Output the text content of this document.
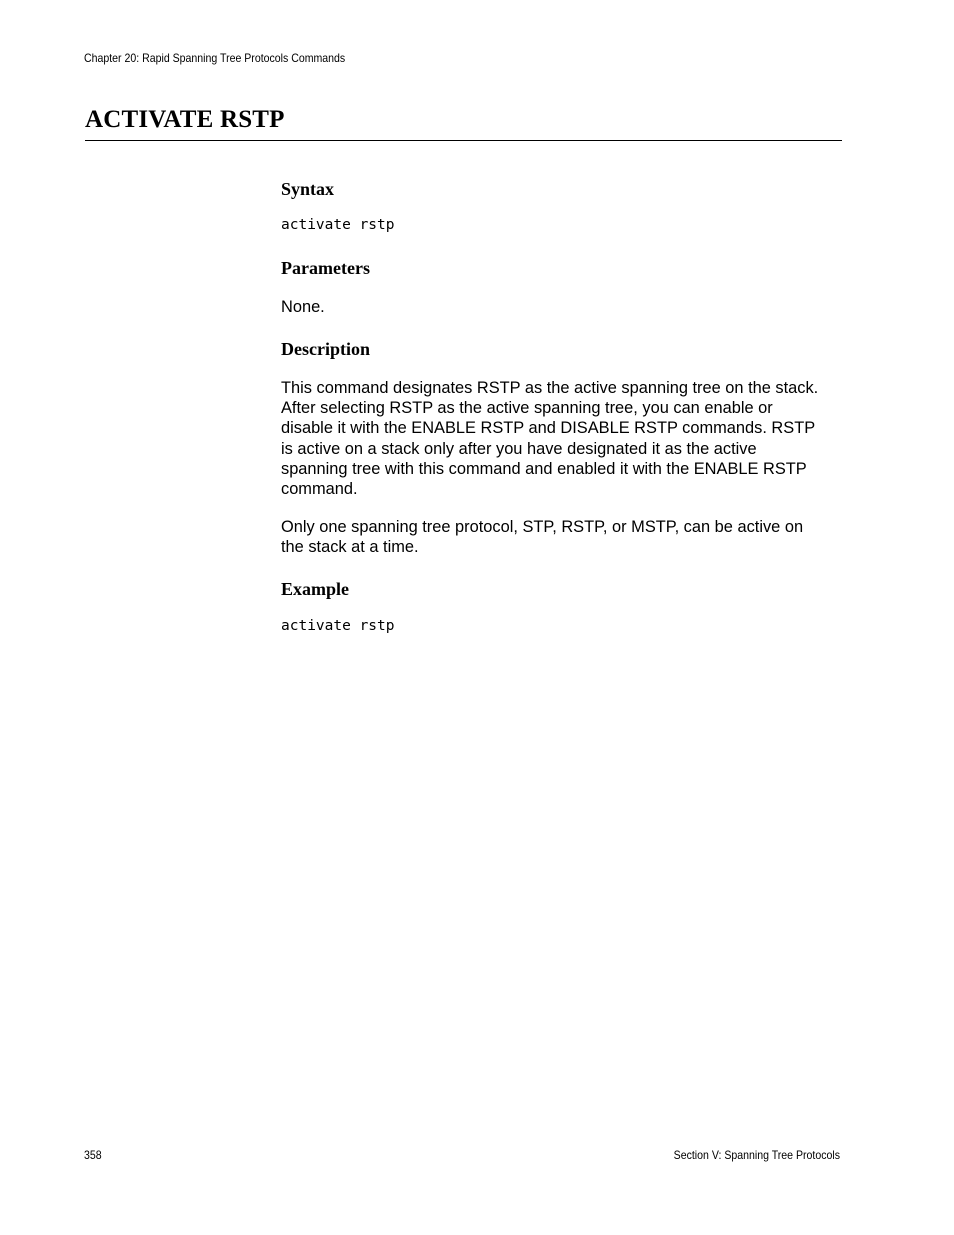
Chapter 20: Rapid Spanning Tree Protocols Commands
ACTIVATE RSTP
Syntax
activate rstp
Parameters
None.
Description
This command designates RSTP as the active spanning tree on the stack.
After selecting RSTP as the active spanning tree, you can enable or
disable it with the ENABLE RSTP and DISABLE RSTP commands. RSTP
is active on a stack only after you have designated it as the active
spanning tree with this command and enabled it with the ENABLE RSTP
command.
Only one spanning tree protocol, STP, RSTP, or MSTP, can be active on
the stack at a time.
Example
activate rstp
358	Section V: Spanning Tree Protocols
